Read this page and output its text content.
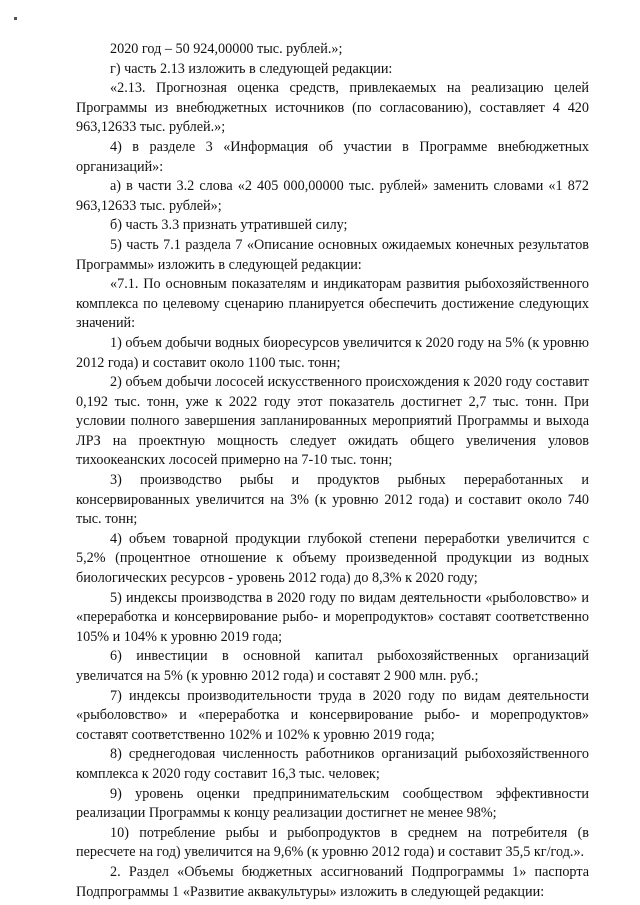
2020 год – 50 924,00000 тыс. рублей.»;

г) часть 2.13 изложить в следующей редакции:

«2.13. Прогнозная оценка средств, привлекаемых на реализацию целей Программы из внебюджетных источников (по согласованию), составляет 4 420 963,12633 тыс. рублей.»;

4) в разделе 3 «Информация об участии в Программе внебюджетных организаций»:

а) в части 3.2 слова «2 405 000,00000 тыс. рублей» заменить словами «1 872 963,12633 тыс. рублей»;

б) часть 3.3 признать утратившей силу;

5) часть 7.1 раздела 7 «Описание основных ожидаемых конечных результатов Программы» изложить в следующей редакции:

«7.1. По основным показателям и индикаторам развития рыбохозяйственного комплекса по целевому сценарию планируется обеспечить достижение следующих значений:

1) объем добычи водных биоресурсов увеличится к 2020 году на 5% (к уровню 2012 года) и составит около 1100 тыс. тонн;

2) объем добычи лососей искусственного происхождения к 2020 году составит 0,192 тыс. тонн, уже к 2022 году этот показатель достигнет 2,7 тыс. тонн. При условии полного завершения запланированных мероприятий Программы и выхода ЛРЗ на проектную мощность следует ожидать общего увеличения уловов тихоокеанских лососей примерно на 7-10 тыс. тонн;

3) производство рыбы и продуктов рыбных переработанных и консервированных увеличится на 3% (к уровню 2012 года) и составит около 740 тыс. тонн;

4) объем товарной продукции глубокой степени переработки увеличится с 5,2% (процентное отношение к объему произведенной продукции из водных биологических ресурсов - уровень 2012 года) до 8,3% к 2020 году;

5) индексы производства в 2020 году по видам деятельности «рыболовство» и «переработка и консервирование рыбо- и морепродуктов» составят соответственно 105% и 104% к уровню 2019 года;

6) инвестиции в основной капитал рыбохозяйственных организаций увеличатся на 5% (к уровню 2012 года) и составят 2 900 млн. руб.;

7) индексы производительности труда в 2020 году по видам деятельности «рыболовство» и «переработка и консервирование рыбо- и морепродуктов» составят соответственно 102% и 102% к уровню 2019 года;

8) среднегодовая численность работников организаций рыбохозяйственного комплекса к 2020 году составит 16,3 тыс. человек;

9) уровень оценки предпринимательским сообществом эффективности реализации Программы к концу реализации достигнет не менее 98%;

10) потребление рыбы и рыбопродуктов в среднем на потребителя (в пересчете на год) увеличится на 9,6% (к уровню 2012 года) и составит 35,5 кг/год.».

2. Раздел «Объемы бюджетных ассигнований Подпрограммы 1» паспорта Подпрограммы 1 «Развитие аквакультуры» изложить в следующей редакции:
